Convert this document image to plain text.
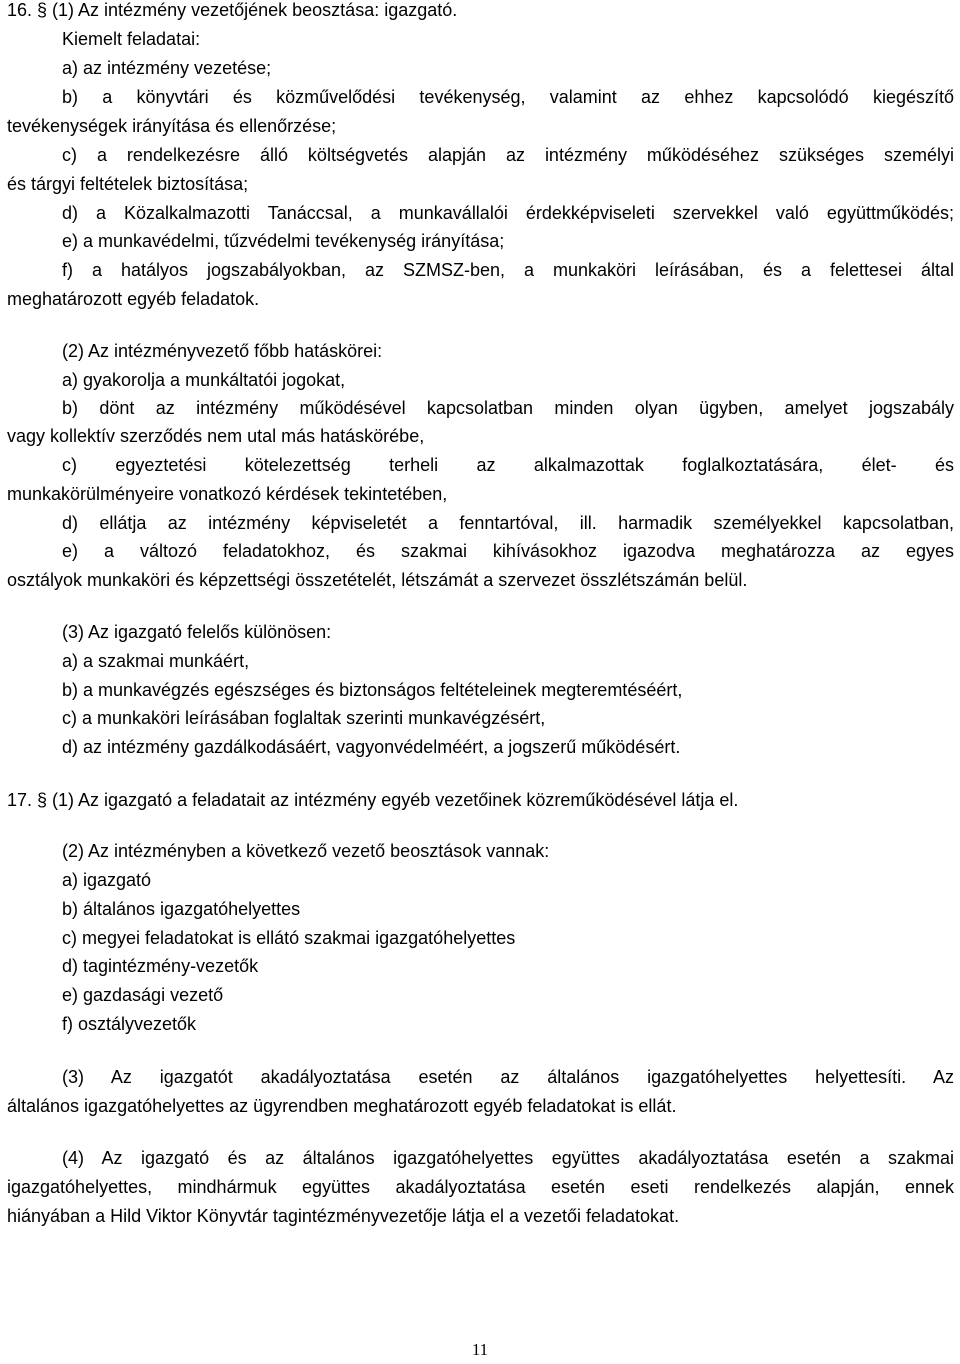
16. § (1) Az intézmény vezetőjének beosztása: igazgató.
Kiemelt feladatai:
a) az intézmény vezetése;
b) a könyvtári és közművelődési tevékenység, valamint az ehhez kapcsolódó kiegészítő
tevékenységek irányítása és ellenőrzése;
c) a rendelkezésre álló költségvetés alapján az intézmény működéséhez szükséges személyi
és tárgyi feltételek biztosítása;
d) a Közalkalmazotti Tanáccsal, a munkavállalói érdekképviseleti szervekkel való együttműködés;
e) a munkavédelmi, tűzvédelmi tevékenység irányítása;
f) a hatályos jogszabályokban, az SZMSZ-ben, a munkaköri leírásában, és a felettesei által
meghatározott egyéb feladatok.
(2) Az intézményvezető főbb hatáskörei:
a) gyakorolja a munkáltatói jogokat,
b) dönt az intézmény működésével kapcsolatban minden olyan ügyben, amelyet jogszabály
vagy kollektív szerződés nem utal más hatáskörébe,
c) egyeztetési kötelezettség terheli az alkalmazottak foglalkoztatására, élet- és
munkakörülményeire vonatkozó kérdések tekintetében,
d) ellátja az intézmény képviseletét a fenntartóval, ill. harmadik személyekkel kapcsolatban,
e) a változó feladatokhoz, és szakmai kihívásokhoz igazodva meghatározza az egyes
osztályok munkaköri és képzettségi összetételét, létszámát a szervezet összlétszámán belül.
(3) Az igazgató felelős különösen:
a) a szakmai munkáért,
b) a munkavégzés egészséges és biztonságos feltételeinek megteremtéséért,
c) a munkaköri leírásában foglaltak szerinti munkavégzésért,
d) az intézmény gazdálkodásáért, vagyonvédelméért, a jogszerű működésért.
17. § (1) Az igazgató a feladatait az intézmény egyéb vezetőinek közreműködésével látja el.
(2) Az intézményben a következő vezető beosztások vannak:
a) igazgató
b) általános igazgatóhelyettes
c) megyei feladatokat is ellátó szakmai igazgatóhelyettes
d) tagintézmény-vezetők
e) gazdasági vezető
f) osztályvezetők
(3) Az igazgatót akadályoztatása esetén az általános igazgatóhelyettes helyettesíti. Az
általános igazgatóhelyettes az ügyrendben meghatározott egyéb feladatokat is ellát.
(4) Az igazgató és az általános igazgatóhelyettes együttes akadályoztatása esetén a szakmai
igazgatóhelyettes, mindhármuk együttes akadályoztatása esetén eseti rendelkezés alapján, ennek
hiányában a Hild Viktor Könyvtár tagintézményvezetője látja el a vezetői feladatokat.
11
